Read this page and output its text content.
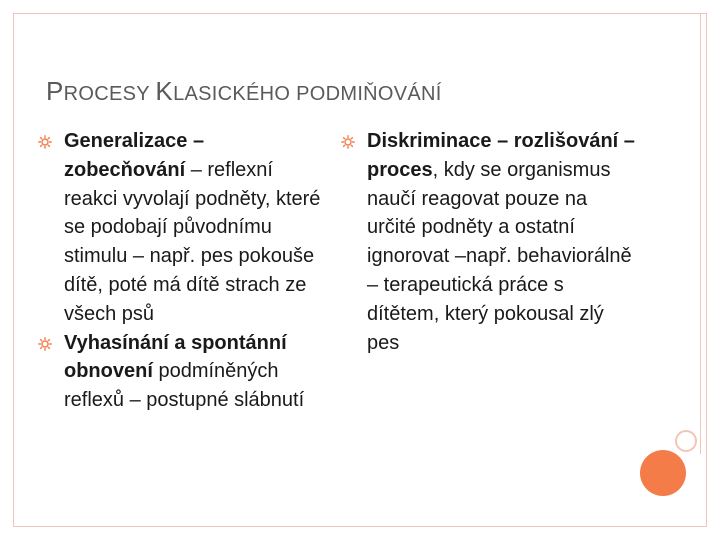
PROCESY KLASICKÉHO PODMIŇOVÁNÍ
Generalizace – zobecňování – reflexní reakci vyvolají podněty, které se podobají původnímu stimulu – např. pes pokouše dítě, poté má dítě strach ze všech psů
Vyhasínání a spontánní obnovení podmíněných reflexů – postupné slábnutí
Diskriminace – rozlišování – proces, kdy se organismus naučí reagovat pouze na určité podněty a ostatní ignorovat –např. behaviorálně – terapeutická práce s dítětem, který pokousal zlý pes
